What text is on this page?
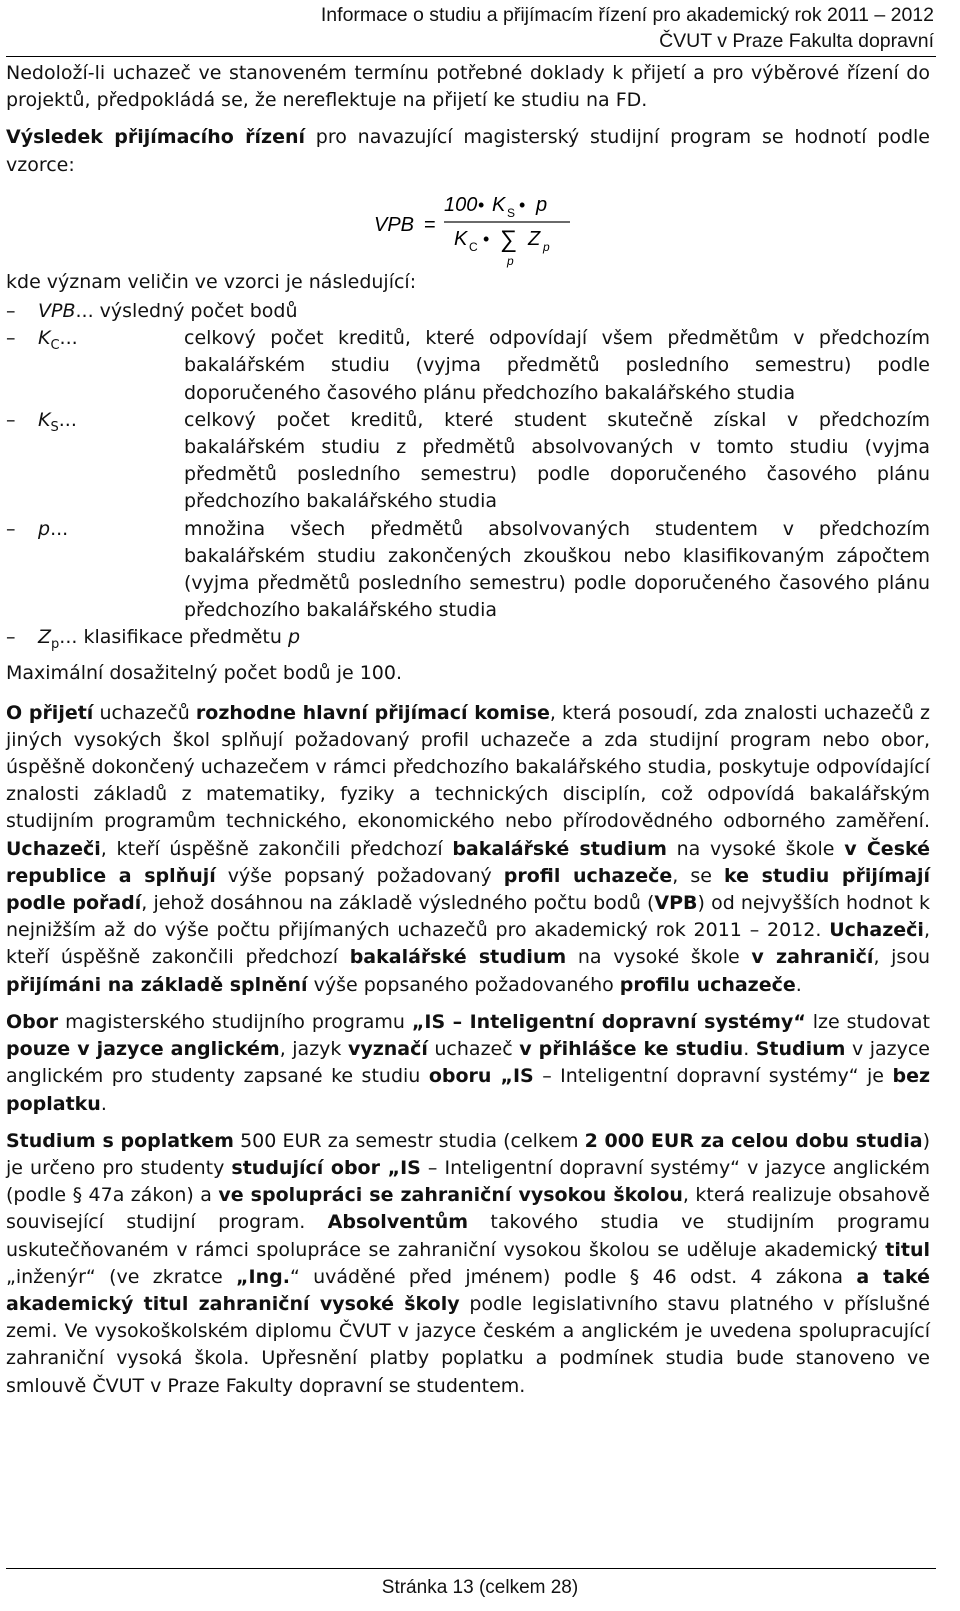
Informace o studiu a přijímacím řízení pro akademický rok 2011 – 2012
ČVUT v Praze Fakulta dopravní

Nedoloží-li uchazeč ve stanoveném termínu potřebné doklady k přijetí a pro výběrové řízení do projektů, předpokládá se, že nereflektuje na přijetí ke studiu na FD.

Výsledek přijímacího řízení pro navazující magisterský studijní program se hodnotí podle vzorce:

VPB =
100 • K S • p
K C • ∑
p
Z p

kde význam veličin ve vzorci je následující:

–	VPB... výsledný počet bodů
–	$K_C$...	celkový počet kreditů, které odpovídají všem předmětům v předchozím bakalářském studiu (vyjma předmětů posledního semestru) podle doporučeného časového plánu předchozího bakalářského studia
–	$K_S$...	celkový počet kreditů, které student skutečně získal v předchozím bakalářském studiu z předmětů absolvovaných v tomto studiu (vyjma předmětů posledního semestru) podle doporučeného časového plánu předchozího bakalářského studia
–	p...	množina všech předmětů absolvovaných studentem v předchozím bakalářském studiu zakončených zkouškou nebo klasifikovaným zápočtem (vyjma předmětů posledního semestru) podle doporučeného časového plánu předchozího bakalářského studia
–	$Z_p$... klasifikace předmětu p

Maximální dosažitelný počet bodů je 100.

O přijetí uchazečů rozhodne hlavní přijímací komise, která posoudí, zda znalosti uchazečů z jiných vysokých škol splňují požadovaný profil uchazeče a zda studijní program nebo obor, úspěšně dokončený uchazečem v rámci předchozího bakalářského studia, poskytuje odpovídající znalosti základů z matematiky, fyziky a technických disciplín, což odpovídá bakalářským studijním programům technického, ekonomického nebo přírodovědného odborného zaměření. Uchazeči, kteří úspěšně zakončili předchozí bakalářské studium na vysoké škole v České republice a splňují výše popsaný požadovaný profil uchazeče, se ke studiu přijímají podle pořadí, jehož dosáhnou na základě výsledného počtu bodů (VPB) od nejvyšších hodnot k nejnižším až do výše počtu přijímaných uchazečů pro akademický rok 2011 – 2012. Uchazeči, kteří úspěšně zakončili předchozí bakalářské studium na vysoké škole v zahraničí, jsou přijímáni na základě splnění výše popsaného požadovaného profilu uchazeče.

Obor magisterského studijního programu „IS – Inteligentní dopravní systémy“ lze studovat pouze v jazyce anglickém, jazyk vyznačí uchazeč v přihlášce ke studiu. Studium v jazyce anglickém pro studenty zapsané ke studiu oboru „IS – Inteligentní dopravní systémy“ je bez poplatku.

Studium s poplatkem 500 EUR za semestr studia (celkem 2 000 EUR za celou dobu studia) je určeno pro studenty studující obor „IS – Inteligentní dopravní systémy“ v jazyce anglickém (podle § 47a zákon) a ve spolupráci se zahraniční vysokou školou, která realizuje obsahově související studijní program. Absolventům takového studia ve studijním programu uskutečňovaném v rámci spolupráce se zahraniční vysokou školou se uděluje akademický titul „inženýr“ (ve zkratce „Ing.“ uváděné před jménem) podle § 46 odst. 4 zákona a také akademický titul zahraniční vysoké školy podle legislativního stavu platného v příslušné zemi. Ve vysokoškolském diplomu ČVUT v jazyce českém a anglickém je uvedena spolupracující zahraniční vysoká škola. Upřesnění platby poplatku a podmínek studia bude stanoveno ve smlouvě ČVUT v Praze Fakulty dopravní se studentem.

Stránka 13 (celkem 28)
